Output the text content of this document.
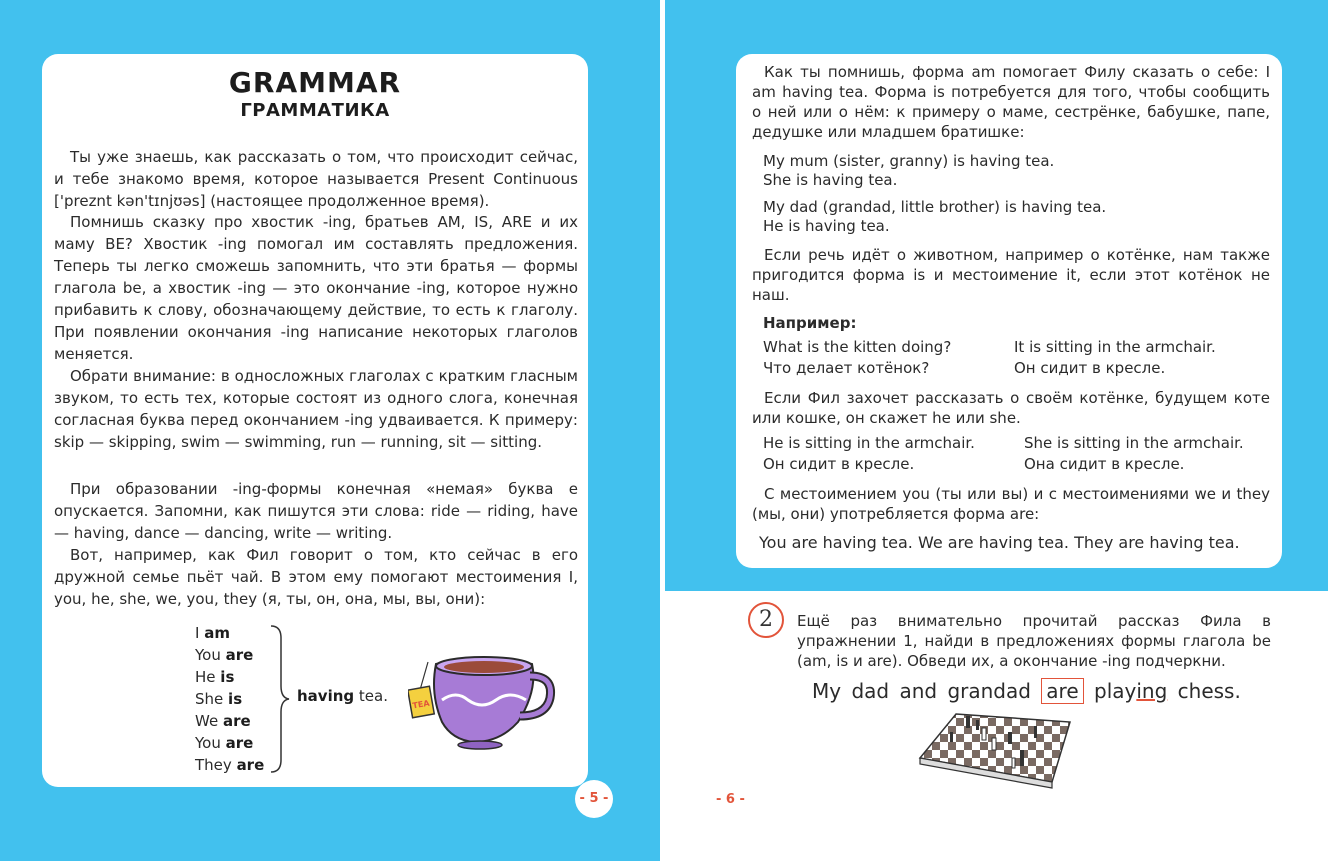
GRAMMAR
ГРАММАТИКА
Ты уже знаешь, как рассказать о том, что происходит сейчас, и тебе знакомо время, которое называется Present Continuous ['preznt kən'tɪnjʊəs] (настоящее продолженное время).
Помнишь сказку про хвостик -ing, братьев AM, IS, ARE и их маму BE? Хвостик -ing помогал им составлять предложения. Теперь ты легко сможешь запомнить, что эти братья — формы глагола be, а хвостик -ing — это окончание -ing, которое нужно прибавить к слову, обозначающему действие, то есть к глаголу. При появлении окончания -ing написание некоторых глаголов меняется.
Обрати внимание: в односложных глаголах с кратким гласным звуком, то есть тех, которые состоят из одного слога, конечная согласная буква перед окончанием -ing удваивается. К примеру: skip — skipping, swim — swimming, run — running, sit — sitting.
При образовании -ing-формы конечная «немая» буква e опускается. Запомни, как пишутся эти слова: ride — riding, have — having, dance — dancing, write — writing.
Вот, например, как Фил говорит о том, кто сейчас в его дружной семье пьёт чай. В этом ему помогают местоимения I, you, he, she, we, you, they (я, ты, он, она, мы, вы, они):
I am
You are
He is
She is
We are
You are
They are
having tea.	TEA
- 5 -
Как ты помнишь, форма am помогает Филу сказать о себе: I am having tea. Форма is потребуется для того, чтобы сообщить о ней или о нём: к примеру о маме, сестрёнке, бабушке, папе, дедушке или младшем братишке:
My mum (sister, granny) is having tea.
She is having tea.
My dad (grandad, little brother) is having tea.
He is having tea.
Если речь идёт о животном, например о котёнке, нам также пригодится форма is и местоимение it, если этот котёнок не наш.
Например:
What is the kitten doing?
Что делает котёнок?
It is sitting in the armchair.
Он сидит в кресле.
Если Фил захочет рассказать о своём котёнке, будущем коте или кошке, он скажет he или she.
He is sitting in the armchair.
Он сидит в кресле.
She is sitting in the armchair.
Она сидит в кресле.
С местоимением you (ты или вы) и с местоимениями we и they (мы, они) употребляется форма are:
You are having tea. We are having tea. They are having tea.
2	Ещё раз внимательно прочитай рассказ Фила в упражнении 1, найди в предложениях формы глагола be (am, is и are). Обведи их, а окончание -ing подчеркни.
My dad and grandad are playing chess.
- 6 -
